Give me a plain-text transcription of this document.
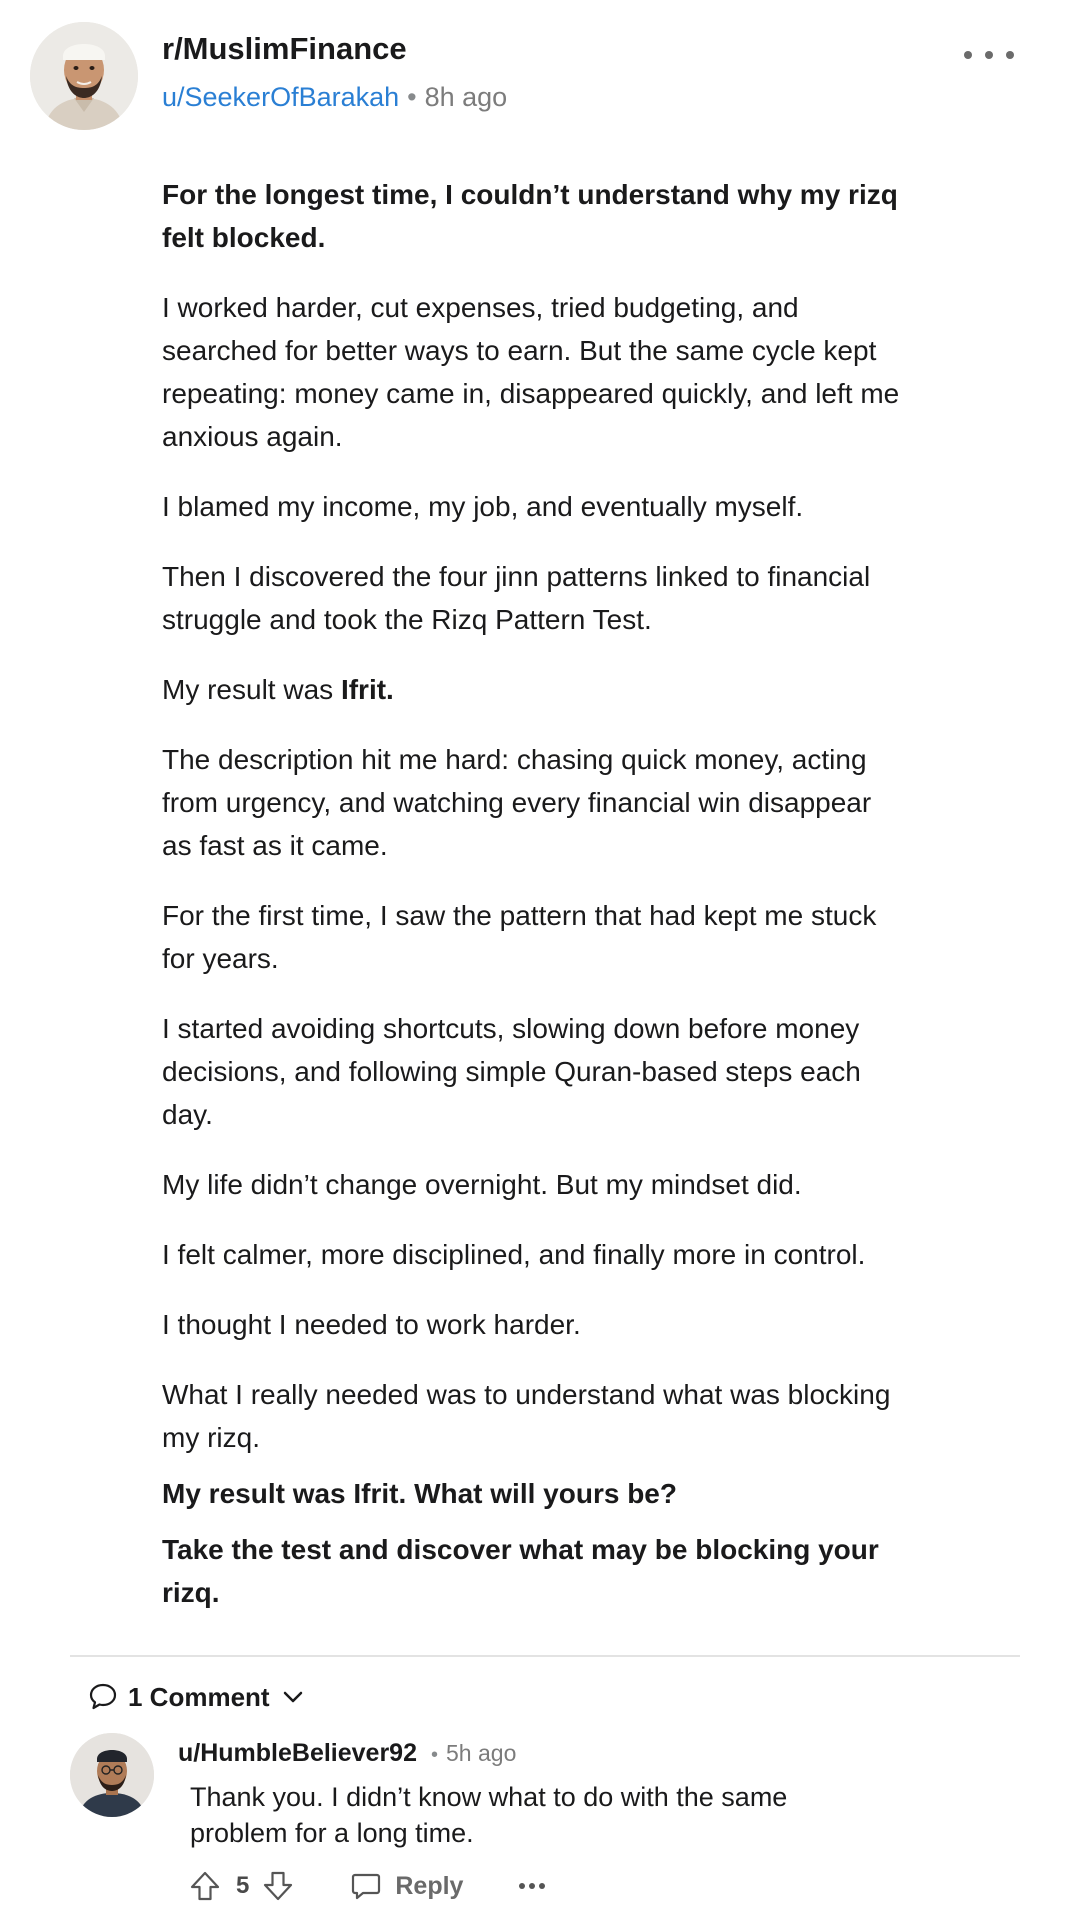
r/MuslimFinance
u/SeekerOfBarakah • 8h ago

For the longest time, I couldn’t understand why my rizq felt blocked.

I worked harder, cut expenses, tried budgeting, and searched for better ways to earn. But the same cycle kept repeating: money came in, disappeared quickly, and left me anxious again.

I blamed my income, my job, and eventually myself.

Then I discovered the four jinn patterns linked to financial struggle and took the Rizq Pattern Test.

My result was Ifrit.

The description hit me hard: chasing quick money, acting from urgency, and watching every financial win disappear as fast as it came.

For the first time, I saw the pattern that had kept me stuck for years.

I started avoiding shortcuts, slowing down before money decisions, and following simple Quran-based steps each day.

My life didn’t change overnight. But my mindset did.

I felt calmer, more disciplined, and finally more in control.

I thought I needed to work harder.

What I really needed was to understand what was blocking my rizq.

My result was Ifrit. What will yours be?

Take the test and discover what may be blocking your rizq.

1 Comment
u/HumbleBeliever92 • 5h ago
Thank you. I didn’t know what to do with the same problem for a long time.
5	Reply
